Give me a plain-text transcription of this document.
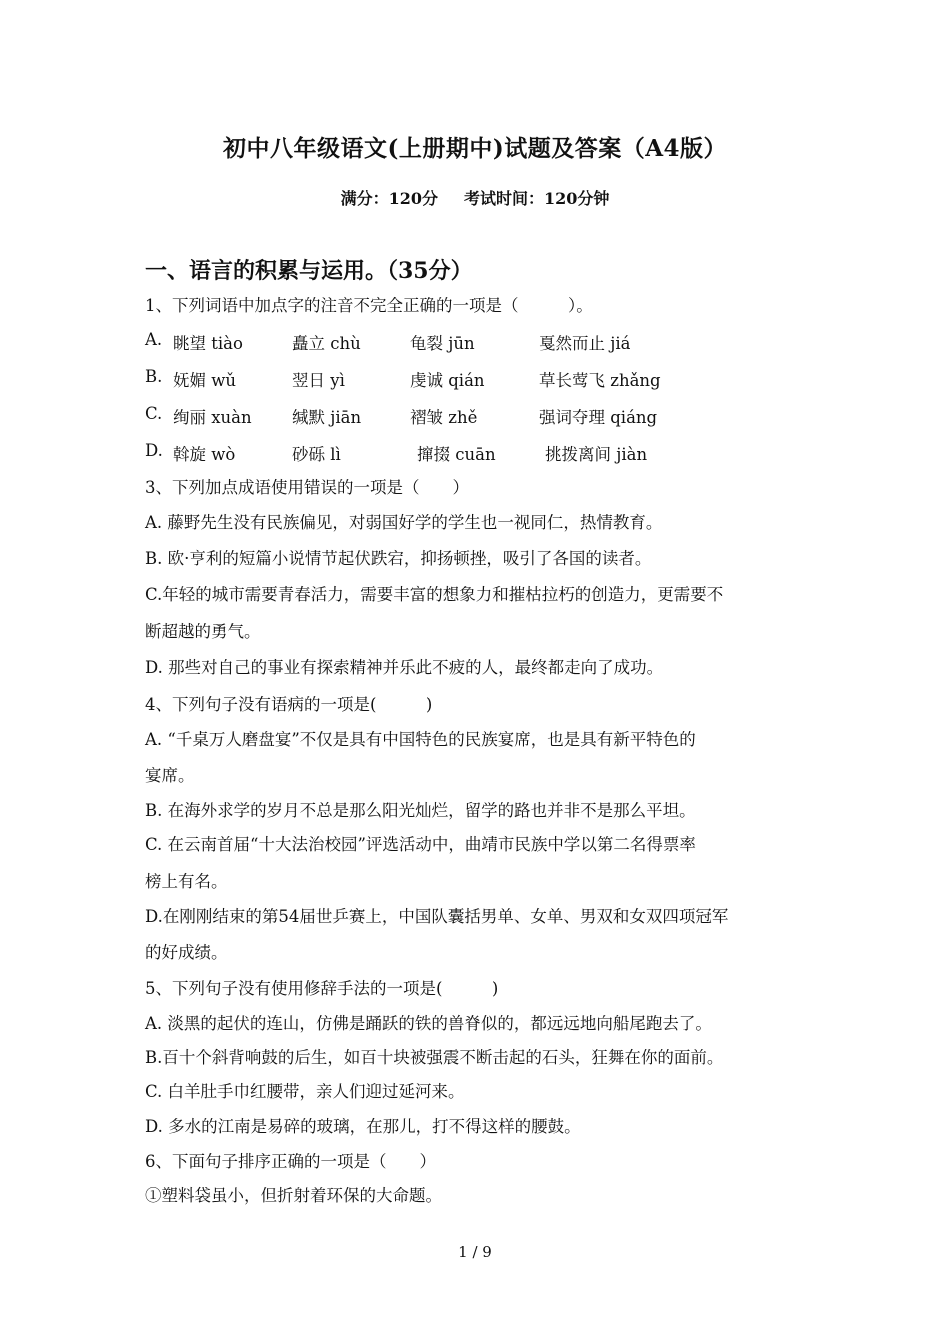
初中八年级语文(上册期中)试题及答案（A4版）
满分：120分 考试时间：120分钟
一、语言的积累与运用。（35分）
1、下列词语中加点字的注音不完全正确的一项是（　　　）。
A. 眺望 tiào	矗立 chù	龟裂 jūn	戛然而止 jiá
B. 妩媚 wǔ	翌日 yì	虔诚 qián	草长莺飞 zhǎng
C. 绚丽 xuàn 缄默 jiān	褶皱 zhě	强词夺理 qiáng
D. 斡旋 wò	砂砾 lì	撺掇 cuān	挑拨离间 jiàn
3、下列加点成语使用错误的一项是（　　）
A. 藤野先生没有民族偏见，对弱国好学的学生也一视同仁，热情教育。
B. 欧·亨利的短篇小说情节起伏跌宕，抑扬顿挫，吸引了各国的读者。
C.年轻的城市需要青春活力，需要丰富的想象力和摧枯拉朽的创造力，更需要不
断超越的勇气。
D. 那些对自己的事业有探索精神并乐此不疲的人，最终都走向了成功。
4、下列句子没有语病的一项是(　　　)
A. “千桌万人磨盘宴”不仅是具有中国特色的民族宴席，也是具有新平特色的
宴席。
B. 在海外求学的岁月不总是那么阳光灿烂，留学的路也并非不是那么平坦。
C. 在云南首届“十大法治校园”评选活动中，曲靖市民族中学以第二名得票率
榜上有名。
D.在刚刚结束的第54届世乒赛上，中国队囊括男单、女单、男双和女双四项冠军
的好成绩。
5、下列句子没有使用修辞手法的一项是(　　　)
A. 淡黑的起伏的连山，仿佛是踊跃的铁的兽脊似的，都远远地向船尾跑去了。
B.百十个斜背响鼓的后生，如百十块被强震不断击起的石头，狂舞在你的面前。
C. 白羊肚手巾红腰带，亲人们迎过延河来。
D. 多水的江南是易碎的玻璃，在那儿，打不得这样的腰鼓。
6、下面句子排序正确的一项是（　　）
①塑料袋虽小，但折射着环保的大命题。
1 / 9
